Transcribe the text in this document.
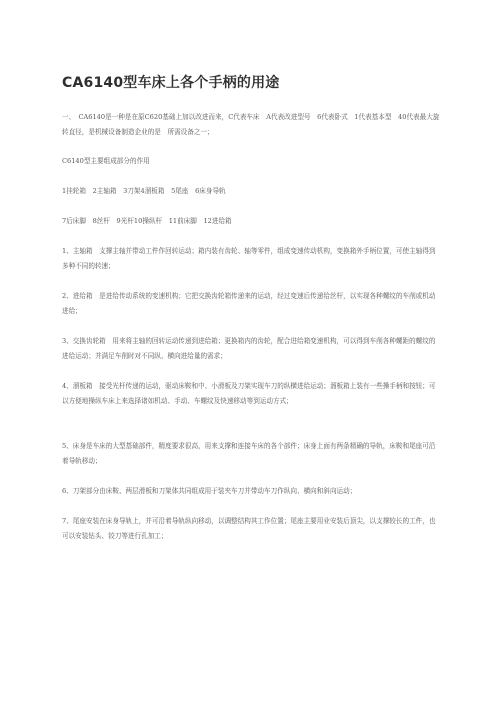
CA6140型车床上各个手柄的用途

一、　CA6140是一种是在原C620基础上加以改进而来，C代表车床　A代表改进型号　6代表卧式　1代表基本型　40代表最大旋转直径，是机械设备制造企业的是　所需设备之一；

C6140型主要组成部分的作用

1挂轮箱　2主轴箱　3刀架4溜板箱　5尾座　6床身导轨

7后床脚　8丝杆　9光杆10操纵杆　11前床脚　12进给箱

1、主轴箱　支撑主轴并带动工件作回转运动；箱内装有齿轮、轴等零件，组成变速传动机构，变换箱外手柄位置，可使主轴得到多种不同的转速；

2、进给箱　是进给传动系统的变速机构；它把交换齿轮箱传递来的运动，经过变速后传递给丝杆，以实现各种螺纹的车削或机动进给；

3、交换齿轮箱　用来将主轴的回转运动传递到进给箱；更换箱内的齿轮，配合进给箱变速机构，可以得到车削各种螺距的螺纹的进给运动；并满足车削时对不同纵、横向进给量的需求；

4、溜板箱　接受光杆传递的运动，驱动床鞍和中、小滑板及刀架实现车刀的纵横进给运动；溜板箱上装有一些操手柄和按钮；可以方便地操纵车床上来选择诸如机动、手动、车螺纹及快速移动等到运动方式；

5、床身是车床的大型基础部件，精度要求很高，用来支撑和连接车床的各个部件；床身上面有两条精确的导轨，床鞍和尾座可沿着导轨移动；

6、刀架部分由床鞍、两层滑板和刀架体共同组成用于装夹车刀并带动车刀作纵向、横向和斜向运动；

7、尾座安装在床身导轨上，并可沿着导轨纵向移动，以调整结构其工作位置；尾座主要用业安装后顶尖，以支撑较长的工件，也可以安装钻头、铰刀等进行孔加工；
